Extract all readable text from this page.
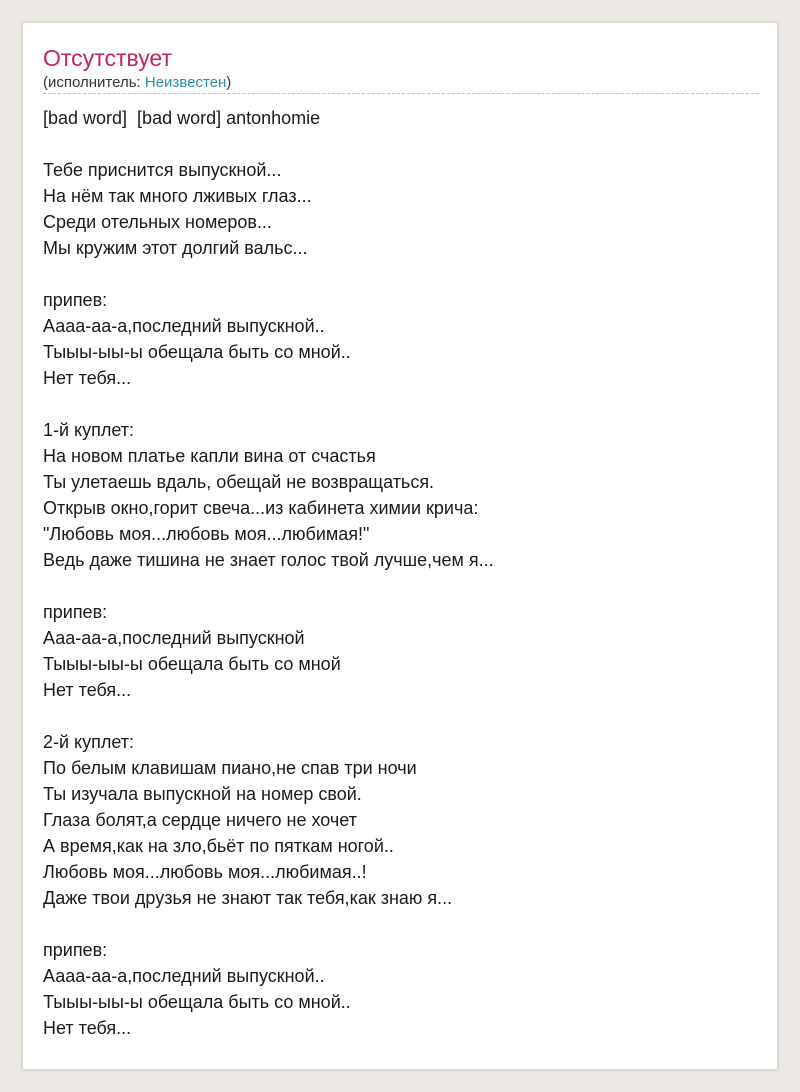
Отсутствует
(исполнитель: Неизвестен)
[bad word]  [bad word] antonhomie
Тебе приснится выпускной...
На нём так много лживых глаз...
Среди отельных номеров...
Мы кружим этот долгий вальс...
припев:
Аааа-аа-а,последний выпускной..
Тыыы-ыы-ы обещала быть со мной..
Нет тебя...
1-й куплет:
На новом платье капли вина от счастья
Ты улетаешь вдаль, обещай не возвращаться.
Открыв окно,горит свеча...из кабинета химии крича:
"Любовь моя...любовь моя...любимая!"
Ведь даже тишина не знает голос твой лучше,чем я...
припев:
Ааа-аа-а,последний выпускной
Тыыы-ыы-ы обещала быть со мной
Нет тебя...
2-й куплет:
По белым клавишам пиано,не спав три ночи
Ты изучала выпускной на номер свой.
Глаза болят,а сердце ничего не хочет
А время,как на зло,бьёт по пяткам ногой..
Любовь моя...любовь моя...любимая..!
Даже твои друзья не знают так тебя,как знаю я...
припев:
Аааа-аа-а,последний выпускной..
Тыыы-ыы-ы обещала быть со мной..
Нет тебя...
